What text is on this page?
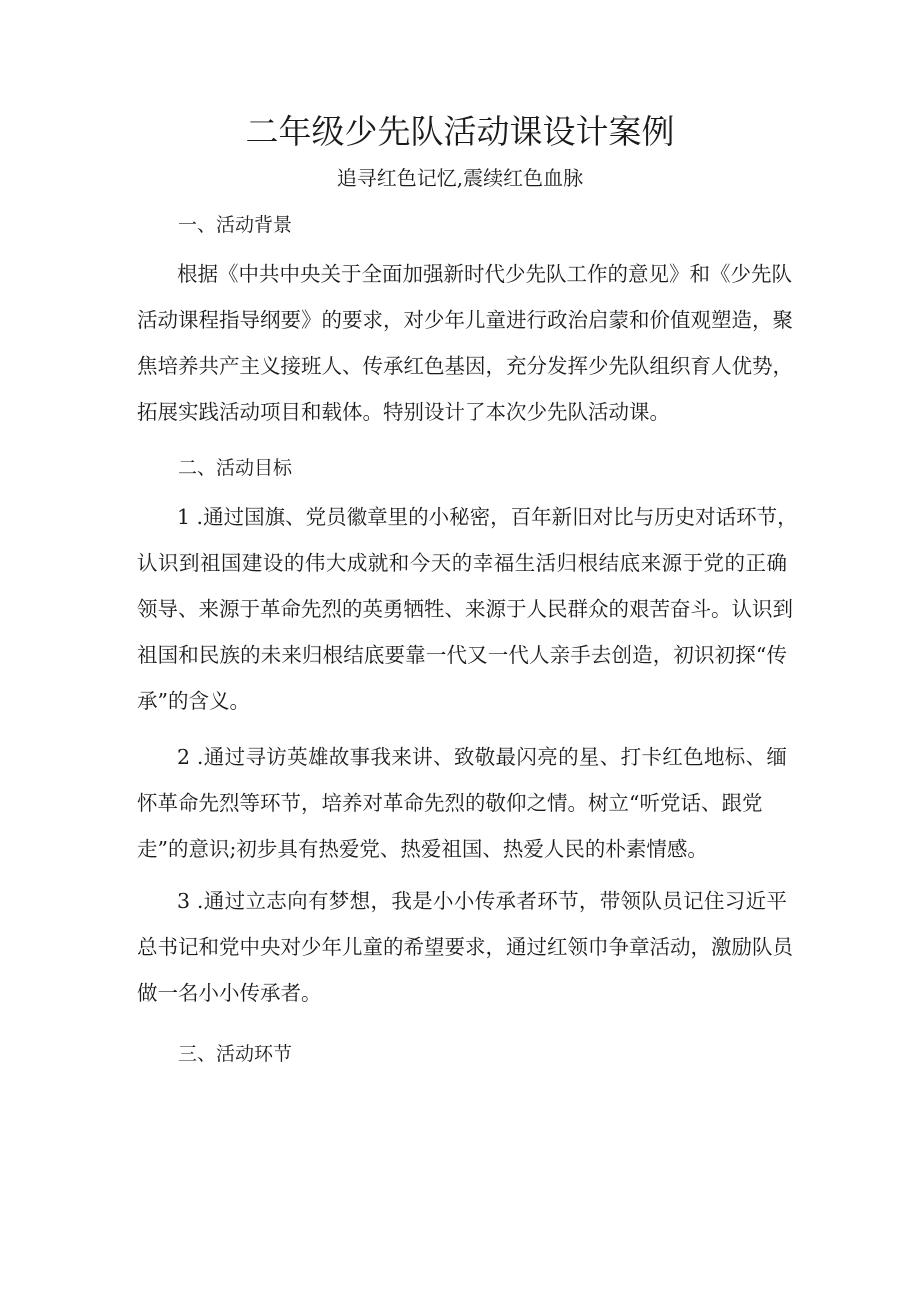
二年级少先队活动课设计案例
追寻红色记忆,震续红色血脉
一、活动背景
根据《中共中央关于全面加强新时代少先队工作的意见》和《少先队
活动课程指导纲要》的要求，对少年儿童进行政治启蒙和价值观塑造，聚
焦培养共产主义接班人、传承红色基因，充分发挥少先队组织育人优势，
拓展实践活动项目和载体。特别设计了本次少先队活动课。
二、活动目标
1 .通过国旗、党员徽章里的小秘密，百年新旧对比与历史对话环节，
认识到祖国建设的伟大成就和今天的幸福生活归根结底来源于党的正确
领导、来源于革命先烈的英勇牺牲、来源于人民群众的艰苦奋斗。认识到
祖国和民族的未来归根结底要靠一代又一代人亲手去创造，初识初探“传
承”的含义。
2 .通过寻访英雄故事我来讲、致敬最闪亮的星、打卡红色地标、缅
怀革命先烈等环节，培养对革命先烈的敬仰之情。树立“听党话、跟党
走”的意识;初步具有热爱党、热爱祖国、热爱人民的朴素情感。
3 .通过立志向有梦想，我是小小传承者环节，带领队员记住习近平
总书记和党中央对少年儿童的希望要求，通过红领巾争章活动，激励队员
做一名小小传承者。
三、活动环节
